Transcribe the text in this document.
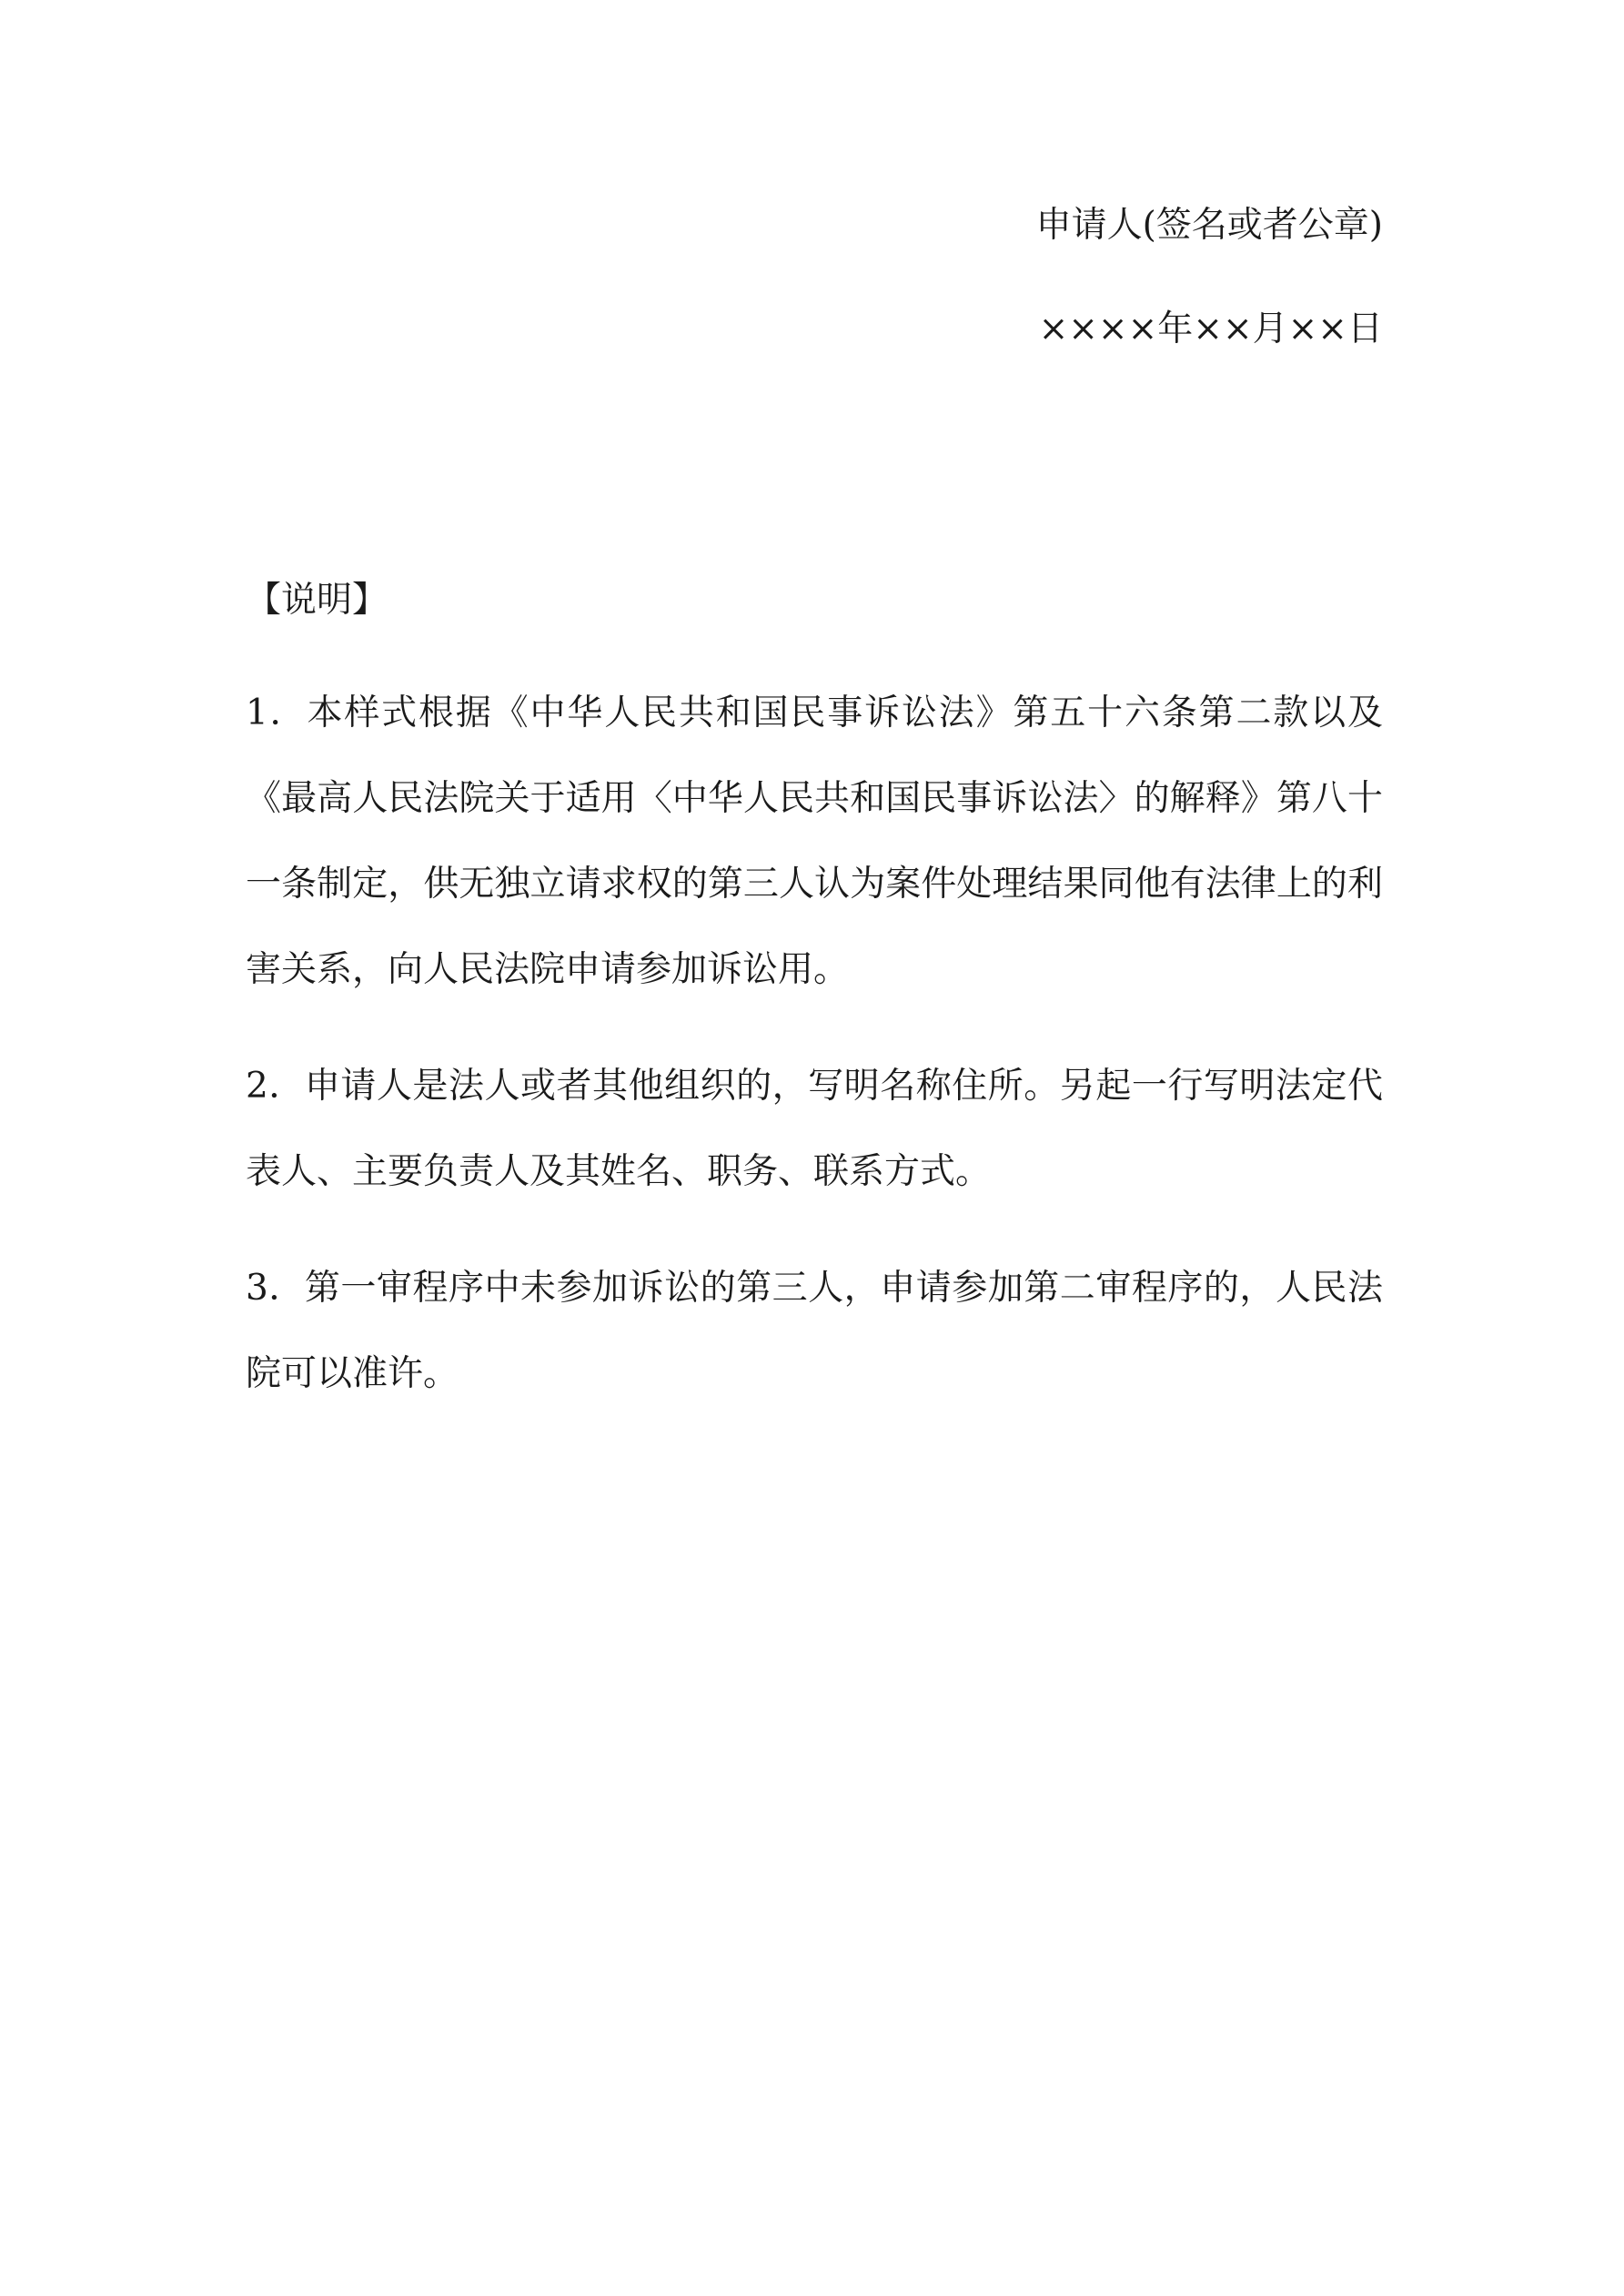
申请人(签名或者公章)
××××年××月××日
【说明】

1．本样式根据《中华人民共和国民事诉讼法》第五十六条第二款以及《最高人民法院关于适用〈中华人民共和国民事诉讼法〉的解释》第八十一条制定，供无独立请求权的第三人认为案件处理结果同他有法律上的利害关系，向人民法院申请参加诉讼用。

2．申请人是法人或者其他组织的，写明名称住所。另起一行写明法定代表人、主要负责人及其姓名、职务、联系方式。

3．第一审程序中未参加诉讼的第三人，申请参加第二审程序的，人民法院可以准许。
